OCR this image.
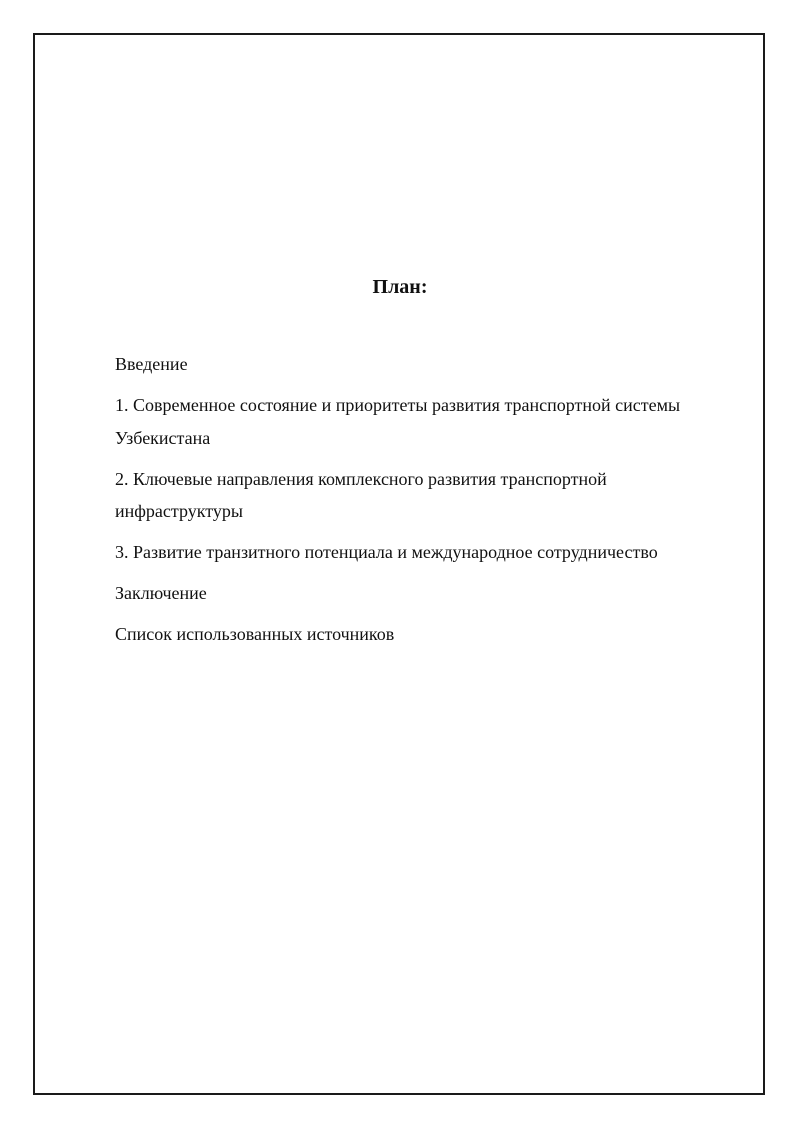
План:
Введение
1. Современное состояние и приоритеты развития транспортной системы Узбекистана
2. Ключевые направления комплексного развития транспортной инфраструктуры
3. Развитие транзитного потенциала и международное сотрудничество
Заключение
Список использованных источников
